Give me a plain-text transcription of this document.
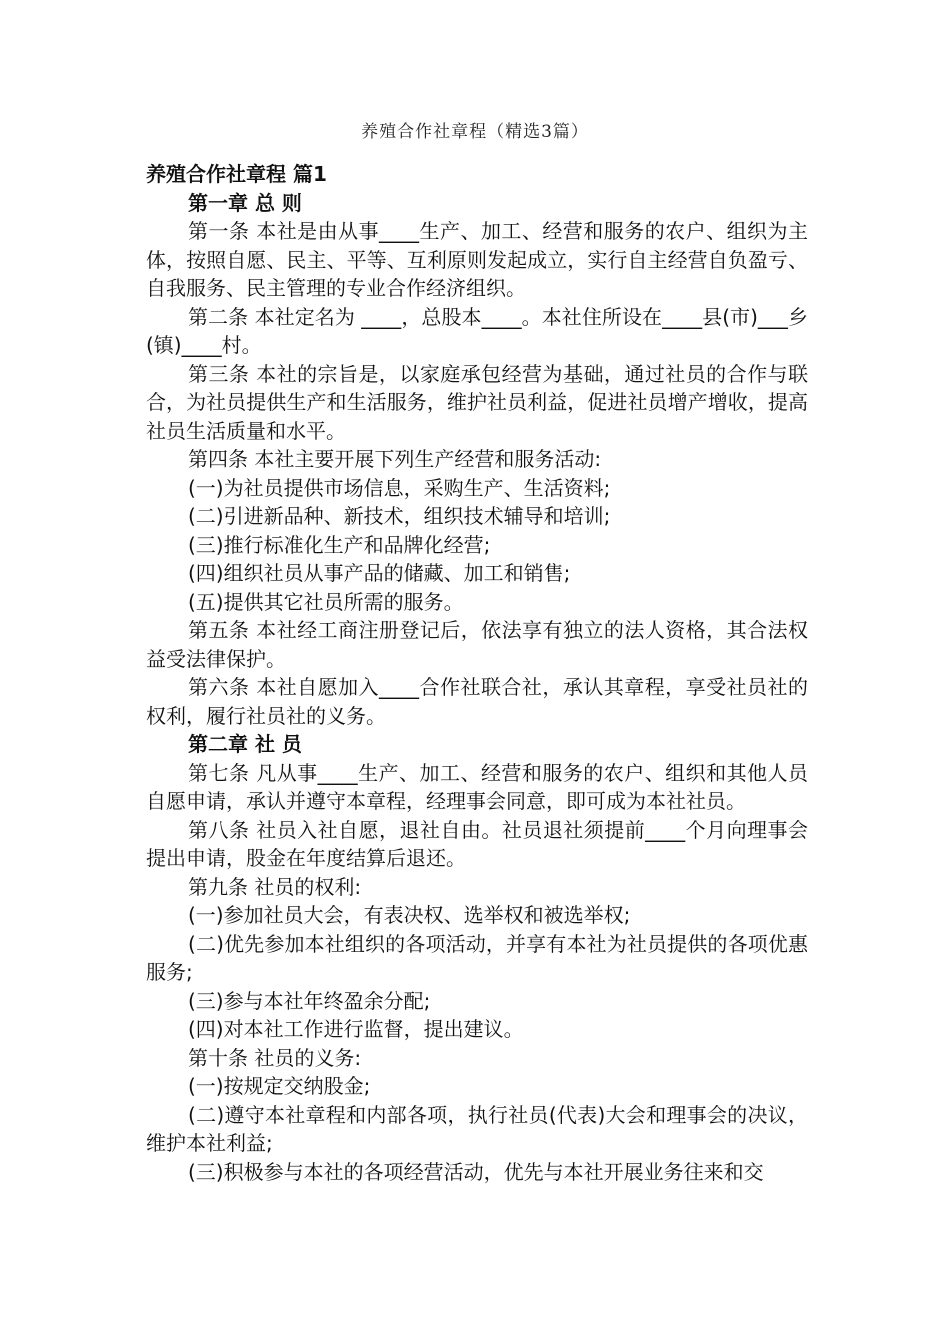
养殖合作社章程（精选3篇）

养殖合作社章程 篇1

第一章 总 则

第一条 本社是由从事____生产、加工、经营和服务的农户、组织为主体，按照自愿、民主、平等、互利原则发起成立，实行自主经营自负盈亏、自我服务、民主管理的专业合作经济组织。

第二条 本社定名为 ____，总股本____。本社住所设在____县(市)___乡(镇)____村。

第三条 本社的宗旨是，以家庭承包经营为基础，通过社员的合作与联合，为社员提供生产和生活服务，维护社员利益，促进社员增产增收，提高社员生活质量和水平。

第四条 本社主要开展下列生产经营和服务活动:

(一)为社员提供市场信息，采购生产、生活资料;

(二)引进新品种、新技术，组织技术辅导和培训;

(三)推行标准化生产和品牌化经营;

(四)组织社员从事产品的储藏、加工和销售;

(五)提供其它社员所需的服务。

第五条 本社经工商注册登记后，依法享有独立的法人资格，其合法权益受法律保护。

第六条 本社自愿加入____合作社联合社，承认其章程，享受社员社的权利，履行社员社的义务。

第二章 社 员

第七条 凡从事____生产、加工、经营和服务的农户、组织和其他人员自愿申请，承认并遵守本章程，经理事会同意，即可成为本社社员。

第八条 社员入社自愿，退社自由。社员退社须提前____个月向理事会提出申请，股金在年度结算后退还。

第九条 社员的权利:

(一)参加社员大会，有表决权、选举权和被选举权;

(二)优先参加本社组织的各项活动，并享有本社为社员提供的各项优惠服务;

(三)参与本社年终盈余分配;

(四)对本社工作进行监督，提出建议。

第十条 社员的义务:

(一)按规定交纳股金;

(二)遵守本社章程和内部各项，执行社员(代表)大会和理事会的决议，维护本社利益;

(三)积极参与本社的各项经营活动，优先与本社开展业务往来和交
